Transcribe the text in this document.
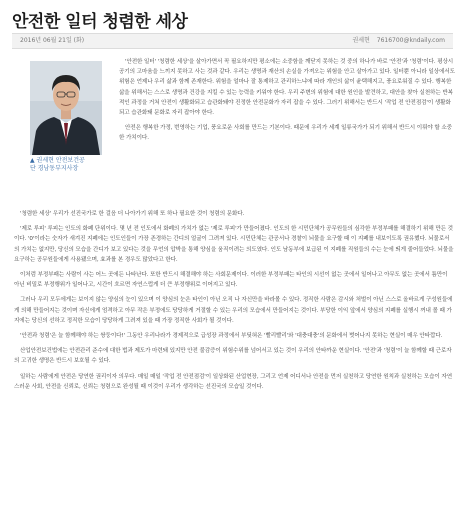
안전한 일터 청렴한 세상
2016년 06월 21일 (화)	권세현 7616700@kndaily.com
▲ 권세현 안전보건공
단 경남동부지사장

'안전한 일터' '청렴한 세상'을 살아가면서 꼭 필요하지만 평소에는 소중함을 깨닫지 못하는 것 중의 하나가 바로 '안전'과 '청렴'이다. 평상시 공기의 고마움을 느끼지 못하고 사는 것과 같다. 우리는 생명과 재산의 손실을 가져오는 위험을 안고 살아가고 있다. 일터뿐 아니라 일상에서도 위험은 언제나 우리 삶과 함께 존재한다. 위험을 얼마나 잘 통제하고 관리하느냐에 따라 개인의 삶이 윤택해지고, 풍요로워질 수 있다. 행복한 삶을 위해서는 스스로 생명과 건강을 지킬 수 있는 능력을 키워야 한다. 우리 주변의 위험에 대한 원인을 발견하고, 대안을 찾아 실천하는 반복적인 과정을 거쳐 안전이 생활화되고 습관화돼야 진정한 안전문화가 자리 잡을 수 있다. 그러기 위해서는 반드시 '작업 전 안전점검'이 생활화되고 습관화돼 문화로 자리 잡아야 한다.

안전은 행복한 가정, 번영하는 기업, 풍요로운 사회를 만드는 기본이다. 때문에 우리가 세계 일류국가가 되기 위해서 반드시 이뤄야 할 소중한 가치이다.

'청렴한 세상' 우리가 선진국가로 한 걸음 더 나아가기 위해 또 하나 필요한 것이 청렴의 문화다.

'제로 루피' 루피는 인도의 화폐 단위이다. 몇 년 전 인도에서 화폐의 가치가 없는 '제로 루피'가 만들어졌다. 인도의 한 시민단체가 공무원들의 심각한 부정부패를 해결하기 위해 만든 것이다. '0'이라는 숫자가 새겨진 지폐에는 인도인들이 가장 존경하는 간디의 얼굴이 그려져 있다. 시민단체는 관공서나 경찰이 뇌물을 요구할 때 이 지폐를 내보이도록 권유했다. 뇌물로서의 가치는 없지만, 당신의 모습을 간디가 보고 있다는 것을 무언의 압박을 통해 양심을 움직이려는 의도였다. 인도 남동부에 보급된 이 지폐를 직원들의 수는 눈에 띄게 줄어들었다. 뇌물을 요구하는 공무원들에게 사용됐으며, 효과를 본 경우도 많았다고 한다.

이처럼 부정부패는 사람이 사는 어느 곳에든 나타난다. 또한 반드시 해결해야 하는 사회문제이다. 이러한 부정부패는 타인의 시선이 없는 곳에서 일어나고 아무도 없는 곳에서 틈만이 아닌 비밀로 부정행위가 일어나고, 시간이 흐르면 자연스럽게 더 큰 부정행위로 이어지고 있다.

그러나 우리 모두에게는 보이지 않는 양심의 눈이 있으며 이 양심의 눈은 타인이 아닌 오직 나 자신만을 바라볼 수 있다. 정직한 사람은 감시와 처벌이 아닌 스스로 올바르게 구성원들에게 의해 만들어지는 것이며 자신에게 엄격하고 아무 작은 부정에도 당당하게 거절할 수 있는 우리의 모습에서 만들어지는 것이다. 부당한 이익 앞에서 양심의 지폐를 실행시 꺼내 볼 때 가지에는 당신의 선하고 정직한 모습이 당당하게 그려져 있을 때 가장 정직한 사회가 될 것이다.

'안전과 청렴'은 늘 함께해야 하는 쌍둥이다!' 그동안 우리나라가 경제적으로 급성장 과정에서 부딪혀온 '빨리빨리'와 '대충대충'의 문화에서 벗어나지 못하는 현실이 매우 안타깝다.

산업안전보건법에는 안전관리 준수에 대한 법과 제도가 마련돼 있지만 안전 불감증이 위험수위를 넘어서고 있는 것이 우리의 안타까운 현실이다. '안전'과 '청렴'이 늘 함께할 때 근로자의 고귀한 생명은 반드시 보호될 수 있다.

일하는 사람에게 안전은 당연한 권리이자 의무다. 매일 매일 '작업 전 안전점검'이 일상화된 산업현장, 그리고 언제 어디서나 안전을 먼저 실천하고 당연한 원칙과 실천하는 모습이 자연스러운 사회, 안전을 신뢰로, 신뢰는 청렴으로 완성될 때 이것이 우리가 생각하는 선진국의 모습일 것이다.
